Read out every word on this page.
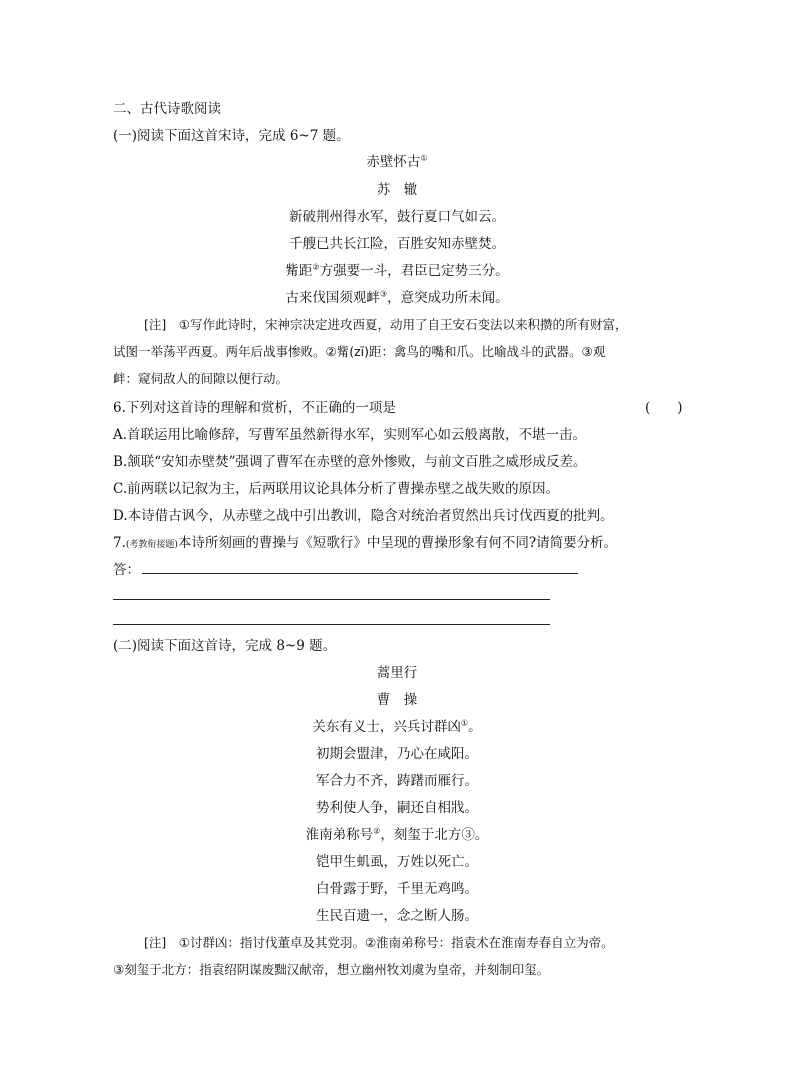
二、古代诗歌阅读
(一)阅读下面这首宋诗，完成 6~7 题。
赤壁怀古①
苏　辙
新破荆州得水军，鼓行夏口气如云。
千艘已共长江险，百胜安知赤壁焚。
觜距②方强要一斗，君臣已定势三分。
古来伐国须观衅③，意突成功所未闻。
[注]　①写作此诗时，宋神宗决定进攻西夏，动用了自王安石变法以来积攒的所有财富，
试图一举荡平西夏。两年后战事惨败。②觜(zī)距：禽鸟的嘴和爪。比喻战斗的武器。③观
衅：窥伺敌人的间隙以便行动。
6.下列对这首诗的理解和赏析，不正确的一项是	(　　)
A.首联运用比喻修辞，写曹军虽然新得水军，实则军心如云般离散，不堪一击。
B.颔联“安知赤壁焚”强调了曹军在赤壁的意外惨败，与前文百胜之威形成反差。
C.前两联以记叙为主，后两联用议论具体分析了曹操赤壁之战失败的原因。
D.本诗借古讽今，从赤壁之战中引出教训，隐含对统治者贸然出兵讨伐西夏的批判。
7.(考教衔接题)本诗所刻画的曹操与《短歌行》中呈现的曹操形象有何不同?请简要分析。
答：
(二)阅读下面这首诗，完成 8~9 题。
蒿里行
曹　操
关东有义士，兴兵讨群凶①。
初期会盟津，乃心在咸阳。
军合力不齐，踌躇而雁行。
势利使人争，嗣还自相戕。
淮南弟称号②，刻玺于北方③。
铠甲生虮虱，万姓以死亡。
白骨露于野，千里无鸡鸣。
生民百遗一，念之断人肠。
[注]　①讨群凶：指讨伐董卓及其党羽。②淮南弟称号：指袁术在淮南寿春自立为帝。
③刻玺于北方：指袁绍阴谋废黜汉献帝，想立幽州牧刘虞为皇帝，并刻制印玺。
